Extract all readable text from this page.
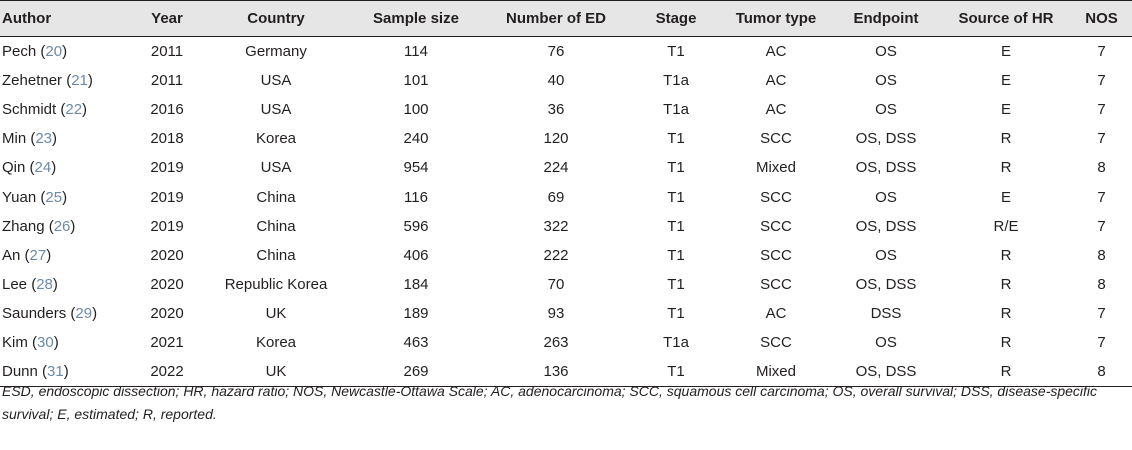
Author	Year	Country	Sample size	Number of ED	Stage	Tumor type	Endpoint	Source of HR	NOS
Pech (20)	2011	Germany	114	76	T1	AC	OS	E	7
Zehetner (21)	2011	USA	101	40	T1a	AC	OS	E	7
Schmidt (22)	2016	USA	100	36	T1a	AC	OS	E	7
Min (23)	2018	Korea	240	120	T1	SCC	OS, DSS	R	7
Qin (24)	2019	USA	954	224	T1	Mixed	OS, DSS	R	8
Yuan (25)	2019	China	116	69	T1	SCC	OS	E	7
Zhang (26)	2019	China	596	322	T1	SCC	OS, DSS	R/E	7
An (27)	2020	China	406	222	T1	SCC	OS	R	8
Lee (28)	2020	Republic Korea	184	70	T1	SCC	OS, DSS	R	8
Saunders (29)	2020	UK	189	93	T1	AC	DSS	R	7
Kim (30)	2021	Korea	463	263	T1a	SCC	OS	R	7
Dunn (31)	2022	UK	269	136	T1	Mixed	OS, DSS	R	8
ESD, endoscopic dissection; HR, hazard ratio; NOS, Newcastle-Ottawa Scale; AC, adenocarcinoma; SCC, squamous cell carcinoma; OS, overall survival; DSS, disease-specific survival; E, estimated; R, reported.
